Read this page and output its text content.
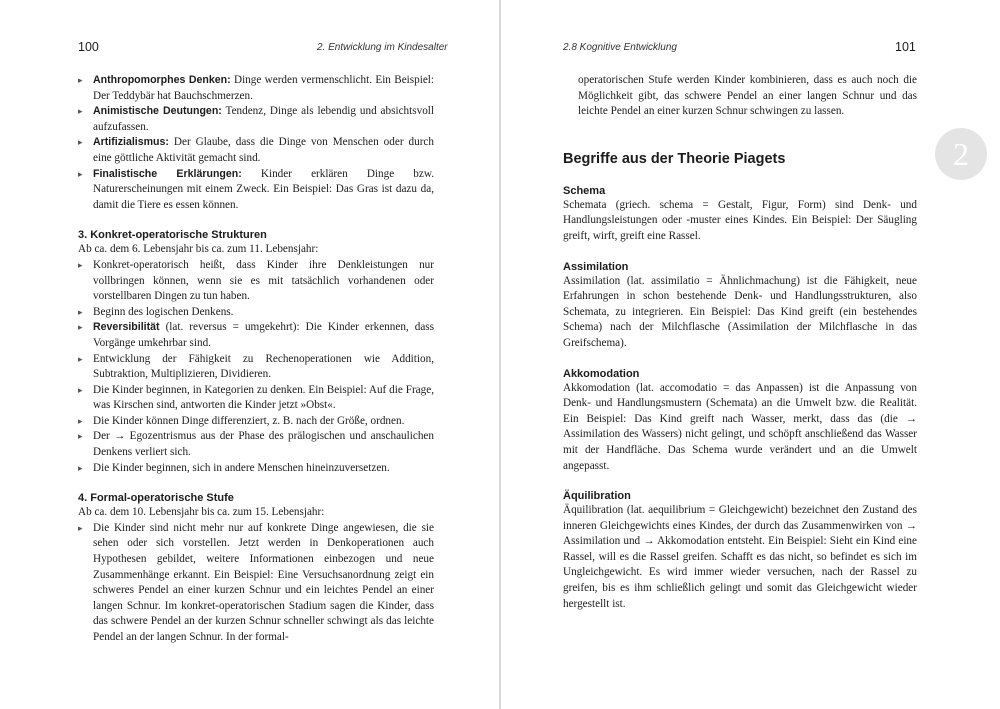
100	2. Entwicklung im Kindesalter
▸ Anthropomorphes Denken: Dinge werden vermenschlicht. Ein Beispiel: Der Teddybär hat Bauchschmerzen.
▸ Animistische Deutungen: Tendenz, Dinge als lebendig und absichtsvoll aufzufassen.
▸ Artifizialismus: Der Glaube, dass die Dinge von Menschen oder durch eine göttliche Aktivität gemacht sind.
▸ Finalistische Erklärungen: Kinder erklären Dinge bzw. Naturerscheinungen mit einem Zweck. Ein Beispiel: Das Gras ist dazu da, damit die Tiere es essen können.
3. Konkret-operatorische Strukturen

Ab ca. dem 6. Lebensjahr bis ca. zum 11. Lebensjahr:

▸ Konkret-operatorisch heißt, dass Kinder ihre Denkleistungen nur vollbringen können, wenn sie es mit tatsächlich vorhandenen oder vorstellbaren Dingen zu tun haben.
▸ Beginn des logischen Denkens.
▸ Reversibilität (lat. reversus = umgekehrt): Die Kinder erkennen, dass Vorgänge umkehrbar sind.
▸ Entwicklung der Fähigkeit zu Rechenoperationen wie Addition, Subtraktion, Multiplizieren, Dividieren.
▸ Die Kinder beginnen, in Kategorien zu denken. Ein Beispiel: Auf die Frage, was Kirschen sind, antworten die Kinder jetzt »Obst«.
▸ Die Kinder können Dinge differenziert, z. B. nach der Größe, ordnen.
▸ Der → Egozentrismus aus der Phase des prälogischen und anschaulichen Denkens verliert sich.
▸ Die Kinder beginnen, sich in andere Menschen hineinzuversetzen.
4. Formal-operatorische Stufe

Ab ca. dem 10. Lebensjahr bis ca. zum 15. Lebensjahr:

▸ Die Kinder sind nicht mehr nur auf konkrete Dinge angewiesen, die sie sehen oder sich vorstellen. Jetzt werden in Denkoperationen auch Hypothesen gebildet, weitere Informationen einbezogen und neue Zusammenhänge erkannt. Ein Beispiel: Eine Versuchsanordnung zeigt ein schweres Pendel an einer kurzen Schnur und ein leichtes Pendel an einer langen Schnur. Im konkret-operatorischen Stadium sagen die Kinder, dass das schwere Pendel an der kurzen Schnur schneller schwingt als das leichte Pendel an der langen Schnur. In der formal-
2.8 Kognitive Entwicklung	101
2

operatorischen Stufe werden Kinder kombinieren, dass es auch noch die Möglichkeit gibt, das schwere Pendel an einer langen Schnur und das leichte Pendel an einer kurzen Schnur schwingen zu lassen.

Begriffe aus der Theorie Piagets
Schema

Schemata (griech. schema = Gestalt, Figur, Form) sind Denk- und Handlungsleistungen oder -muster eines Kindes. Ein Beispiel: Der Säugling greift, wirft, greift eine Rassel.

Assimilation

Assimilation (lat. assimilatio = Ähnlichmachung) ist die Fähigkeit, neue Erfahrungen in schon bestehende Denk- und Handlungsstrukturen, also Schemata, zu integrieren. Ein Beispiel: Das Kind greift (ein bestehendes Schema) nach der Milchflasche (Assimilation der Milchflasche in das Greifschema).

Akkomodation

Akkomodation (lat. accomodatio = das Anpassen) ist die Anpassung von Denk- und Handlungsmustern (Schemata) an die Umwelt bzw. die Realität. Ein Beispiel: Das Kind greift nach Wasser, merkt, dass das (die → Assimilation des Wassers) nicht gelingt, und schöpft anschließend das Wasser mit der Handfläche. Das Schema wurde verändert und an die Umwelt angepasst.

Äquilibration

Äquilibration (lat. aequilibrium = Gleichgewicht) bezeichnet den Zustand des inneren Gleichgewichts eines Kindes, der durch das Zusammenwirken von → Assimilation und → Akkomodation entsteht. Ein Beispiel: Sieht ein Kind eine Rassel, will es die Rassel greifen. Schafft es das nicht, so befindet es sich im Ungleichgewicht. Es wird immer wieder versuchen, nach der Rassel zu greifen, bis es ihm schließlich gelingt und somit das Gleichgewicht wieder hergestellt ist.
